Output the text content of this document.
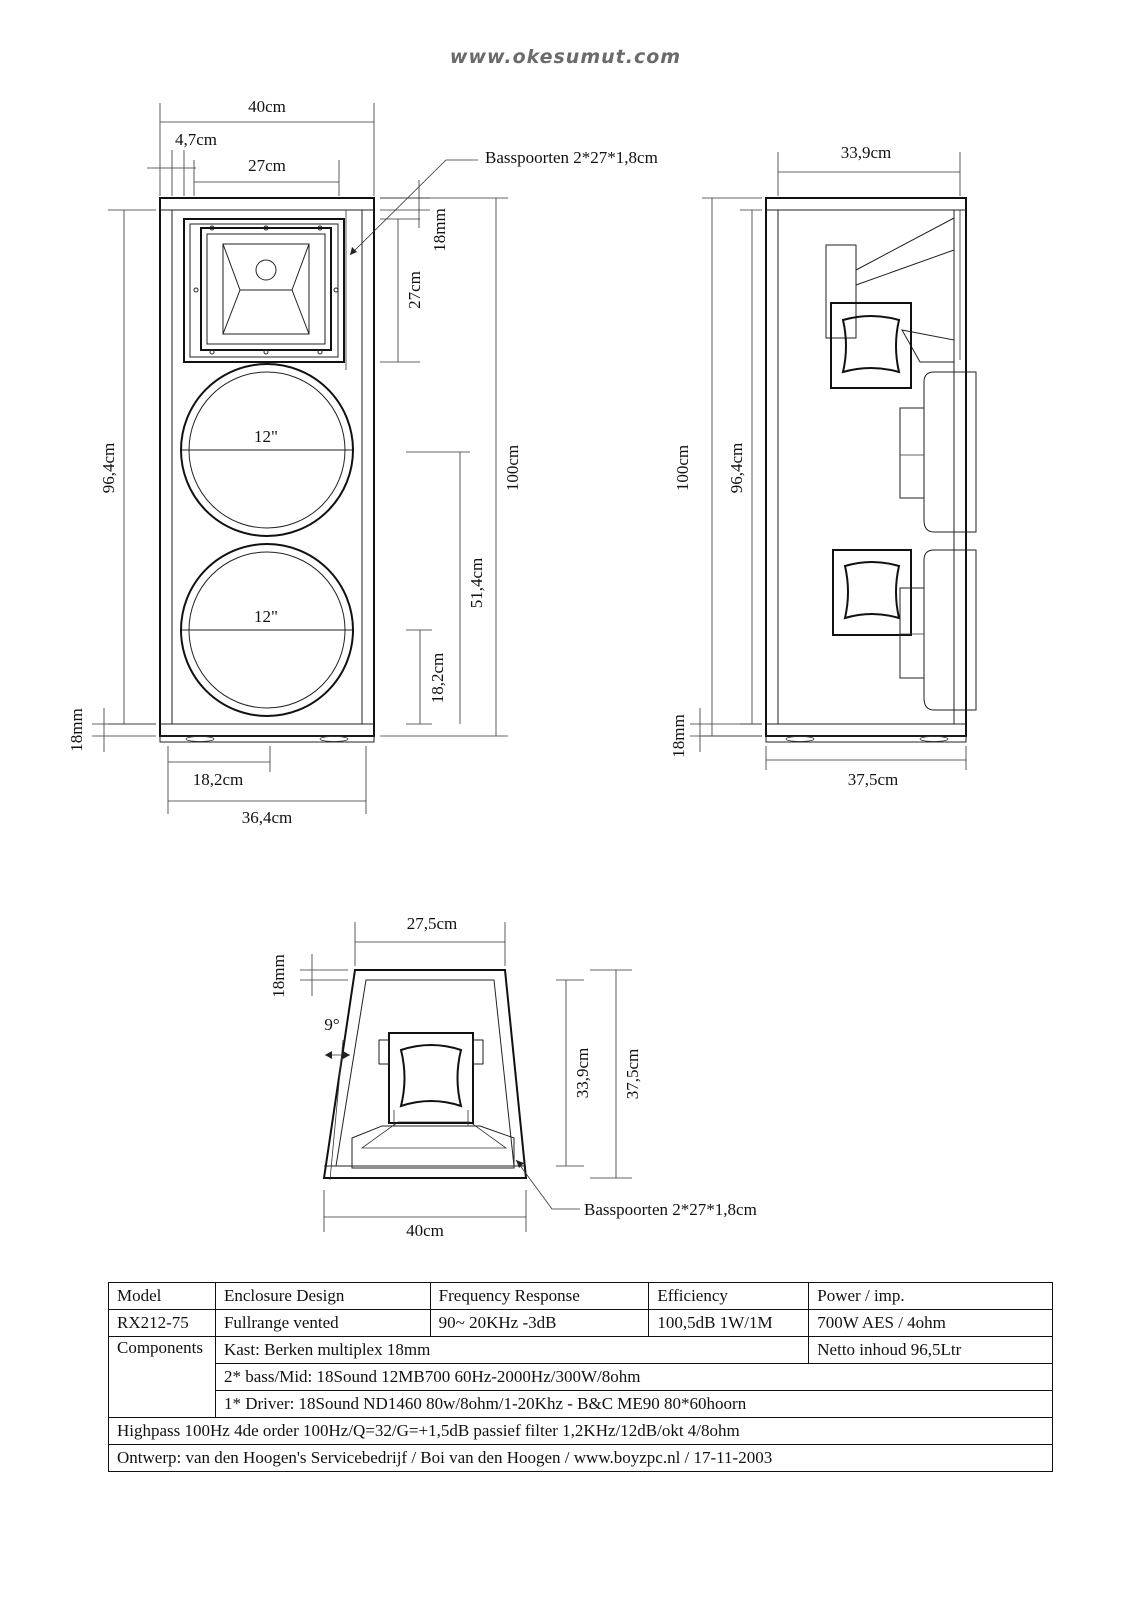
www.okesumut.com
12"
12"
40cm
4,7cm
27cm	Basspoorten 2*27*1,8cm
18mm
27cm
100cm
51,4cm
18,2cm
96,4cm
18mm
18,2cm
36,4cm
33,9cm
100cm 96,4cm
18mm
37,5cm
27,5cm
18mm
9°
33,9cm 37,5cm
40cm
Basspoorten 2*27*1,8cm
Model	Enclosure Design	Frequency Response	Efficiency	Power / imp.
RX212-75	Fullrange vented	90~ 20KHz -3dB	100,5dB 1W/1M	700W AES / 4ohm
Components	Kast: Berken multiplex 18mm			Netto inhoud 96,5Ltr
	2* bass/Mid: 18Sound 12MB700 60Hz-2000Hz/300W/8ohm			
	1* Driver: 18Sound ND1460 80w/8ohm/1-20Khz - B&C ME90 80*60hoorn			
Highpass 100Hz 4de order 100Hz/Q=32/G=+1,5dB passief filter 1,2KHz/12dB/okt 4/8ohm				
Ontwerp: van den Hoogen's Servicebedrijf / Boi van den Hoogen / www.boyzpc.nl / 17-11-2003				
